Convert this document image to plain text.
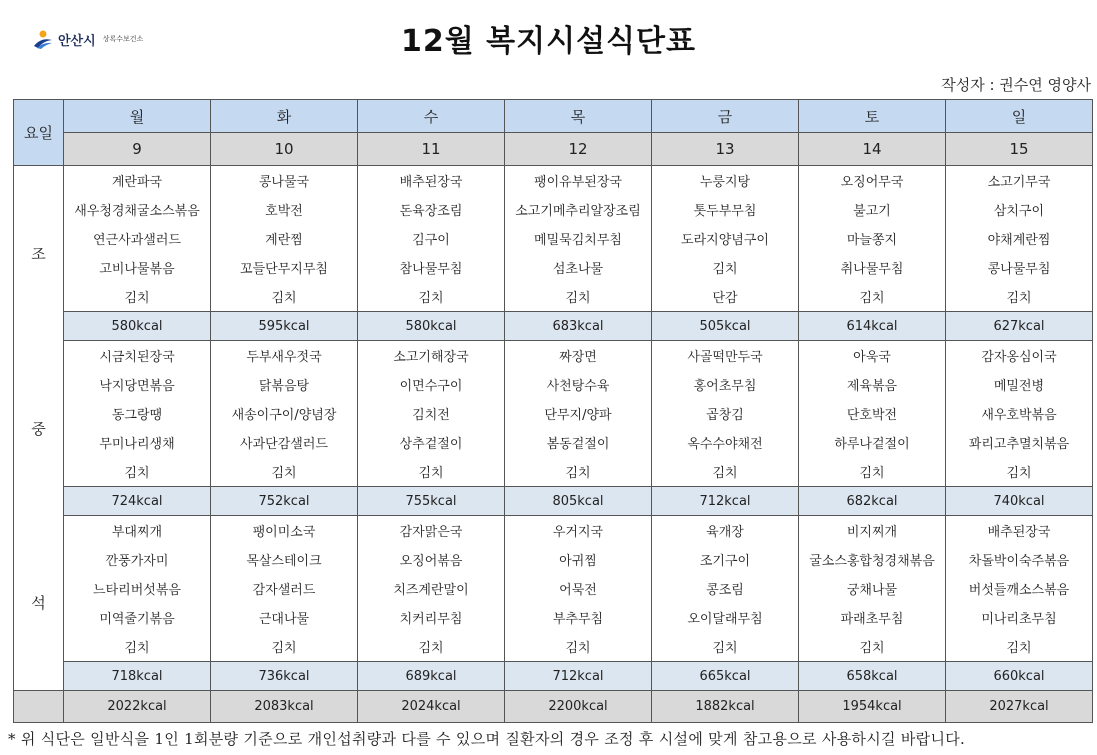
안산시 상록수보건소	12월 복지시설식단표
작성자 : 권수연 영양사
요일	월	화	수	목	금	토	일
	9	10	11	12	13	14	15
조	계란파국	콩나물국	배추된장국	팽이유부된장국	누룽지탕	오징어무국	소고기무국
	새우청경채굴소스볶음	호박전	돈육장조림	소고기메추리알장조림	톳두부무침	불고기	삼치구이
	연근사과샐러드	계란찜	김구이	메밀묵김치무침	도라지양념구이	마늘쫑지	야채계란찜
	고비나물볶음	꼬들단무지무침	참나물무침	섬초나물	김치	취나물무침	콩나물무침
	김치	김치	김치	김치	단감	김치	김치
	580kcal	595kcal	580kcal	683kcal	505kcal	614kcal	627kcal
중	시금치된장국	두부새우젓국	소고기해장국	짜장면	사골떡만두국	아욱국	감자옹심이국
	낙지당면볶음	닭볶음탕	이면수구이	사천탕수육	홍어초무침	제육볶음	메밀전병
	동그랑땡	새송이구이/양념장	김치전	단무지/양파	곱창김	단호박전	새우호박볶음
	무미나리생채	사과단감샐러드	상추겉절이	봄동겉절이	옥수수야채전	하루나겉절이	꽈리고추멸치볶음
	김치	김치	김치	김치	김치	김치	김치
	724kcal	752kcal	755kcal	805kcal	712kcal	682kcal	740kcal
석	부대찌개	팽이미소국	감자맑은국	우거지국	육개장	비지찌개	배추된장국
	깐풍가자미	목살스테이크	오징어볶음	아귀찜	조기구이	굴소스홍합청경채볶음	차돌박이숙주볶음
	느타리버섯볶음	감자샐러드	치즈계란말이	어묵전	콩조림	궁채나물	버섯들깨소스볶음
	미역줄기볶음	근대나물	치커리무침	부추무침	오이달래무침	파래초무침	미나리초무침
	김치	김치	김치	김치	김치	김치	김치
	718kcal	736kcal	689kcal	712kcal	665kcal	658kcal	660kcal
	2022kcal	2083kcal	2024kcal	2200kcal	1882kcal	1954kcal	2027kcal
* 위 식단은 일반식을 1인 1회분량 기준으로 개인섭취량과 다를 수 있으며 질환자의 경우 조정 후 시설에 맞게 참고용으로 사용하시길 바랍니다.
